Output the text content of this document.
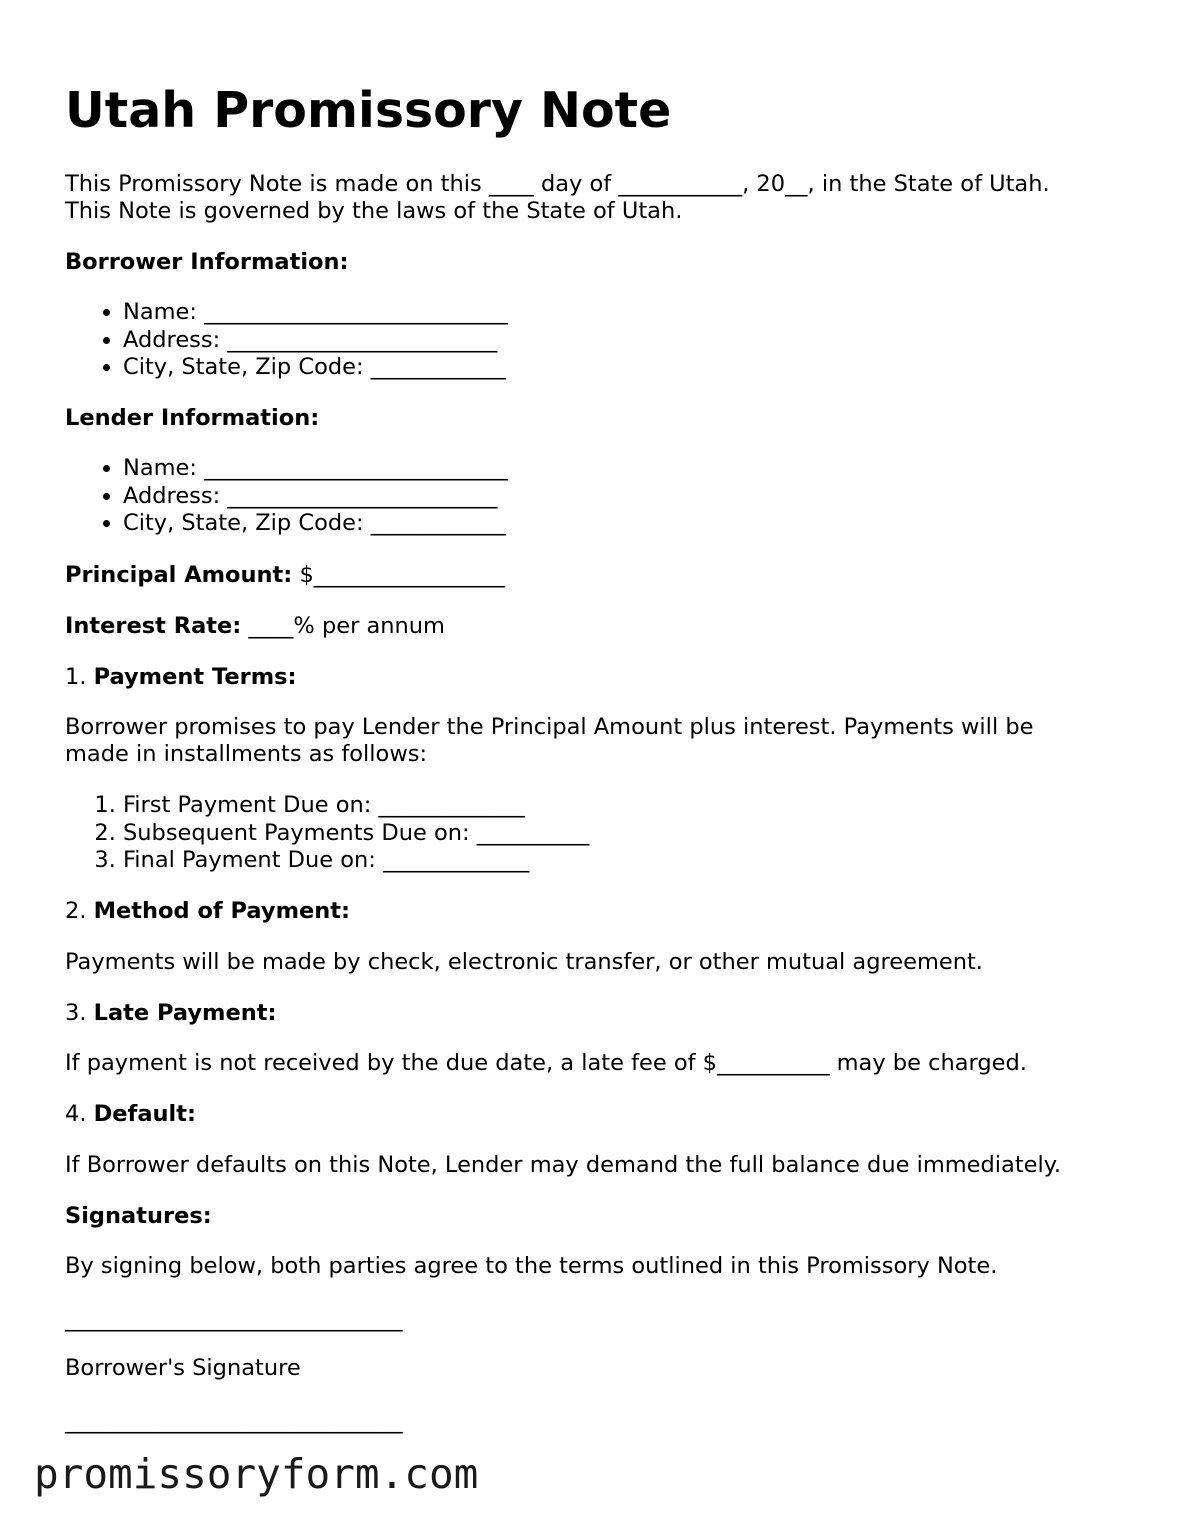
Utah Promissory Note

This Promissory Note is made on this ____ day of ___________, 20__, in the State of Utah.

This Note is governed by the laws of the State of Utah.

Borrower Information:

• Name: ___________________________
• Address: ________________________
• City, State, Zip Code: ____________

Lender Information:

• Name: ___________________________
• Address: ________________________
• City, State, Zip Code: ____________

Principal Amount: $_________________

Interest Rate: ____% per annum

1. Payment Terms:

Borrower promises to pay Lender the Principal Amount plus interest. Payments will be

made in installments as follows:

1. First Payment Due on: _____________
2. Subsequent Payments Due on: __________
3. Final Payment Due on: _____________

2. Method of Payment:

Payments will be made by check, electronic transfer, or other mutual agreement.

3. Late Payment:

If payment is not received by the due date, a late fee of $__________ may be charged.

4. Default:

If Borrower defaults on this Note, Lender may demand the full balance due immediately.

Signatures:

By signing below, both parties agree to the terms outlined in this Promissory Note.

______________________________

Borrower's Signature

______________________________

promissoryform.com
